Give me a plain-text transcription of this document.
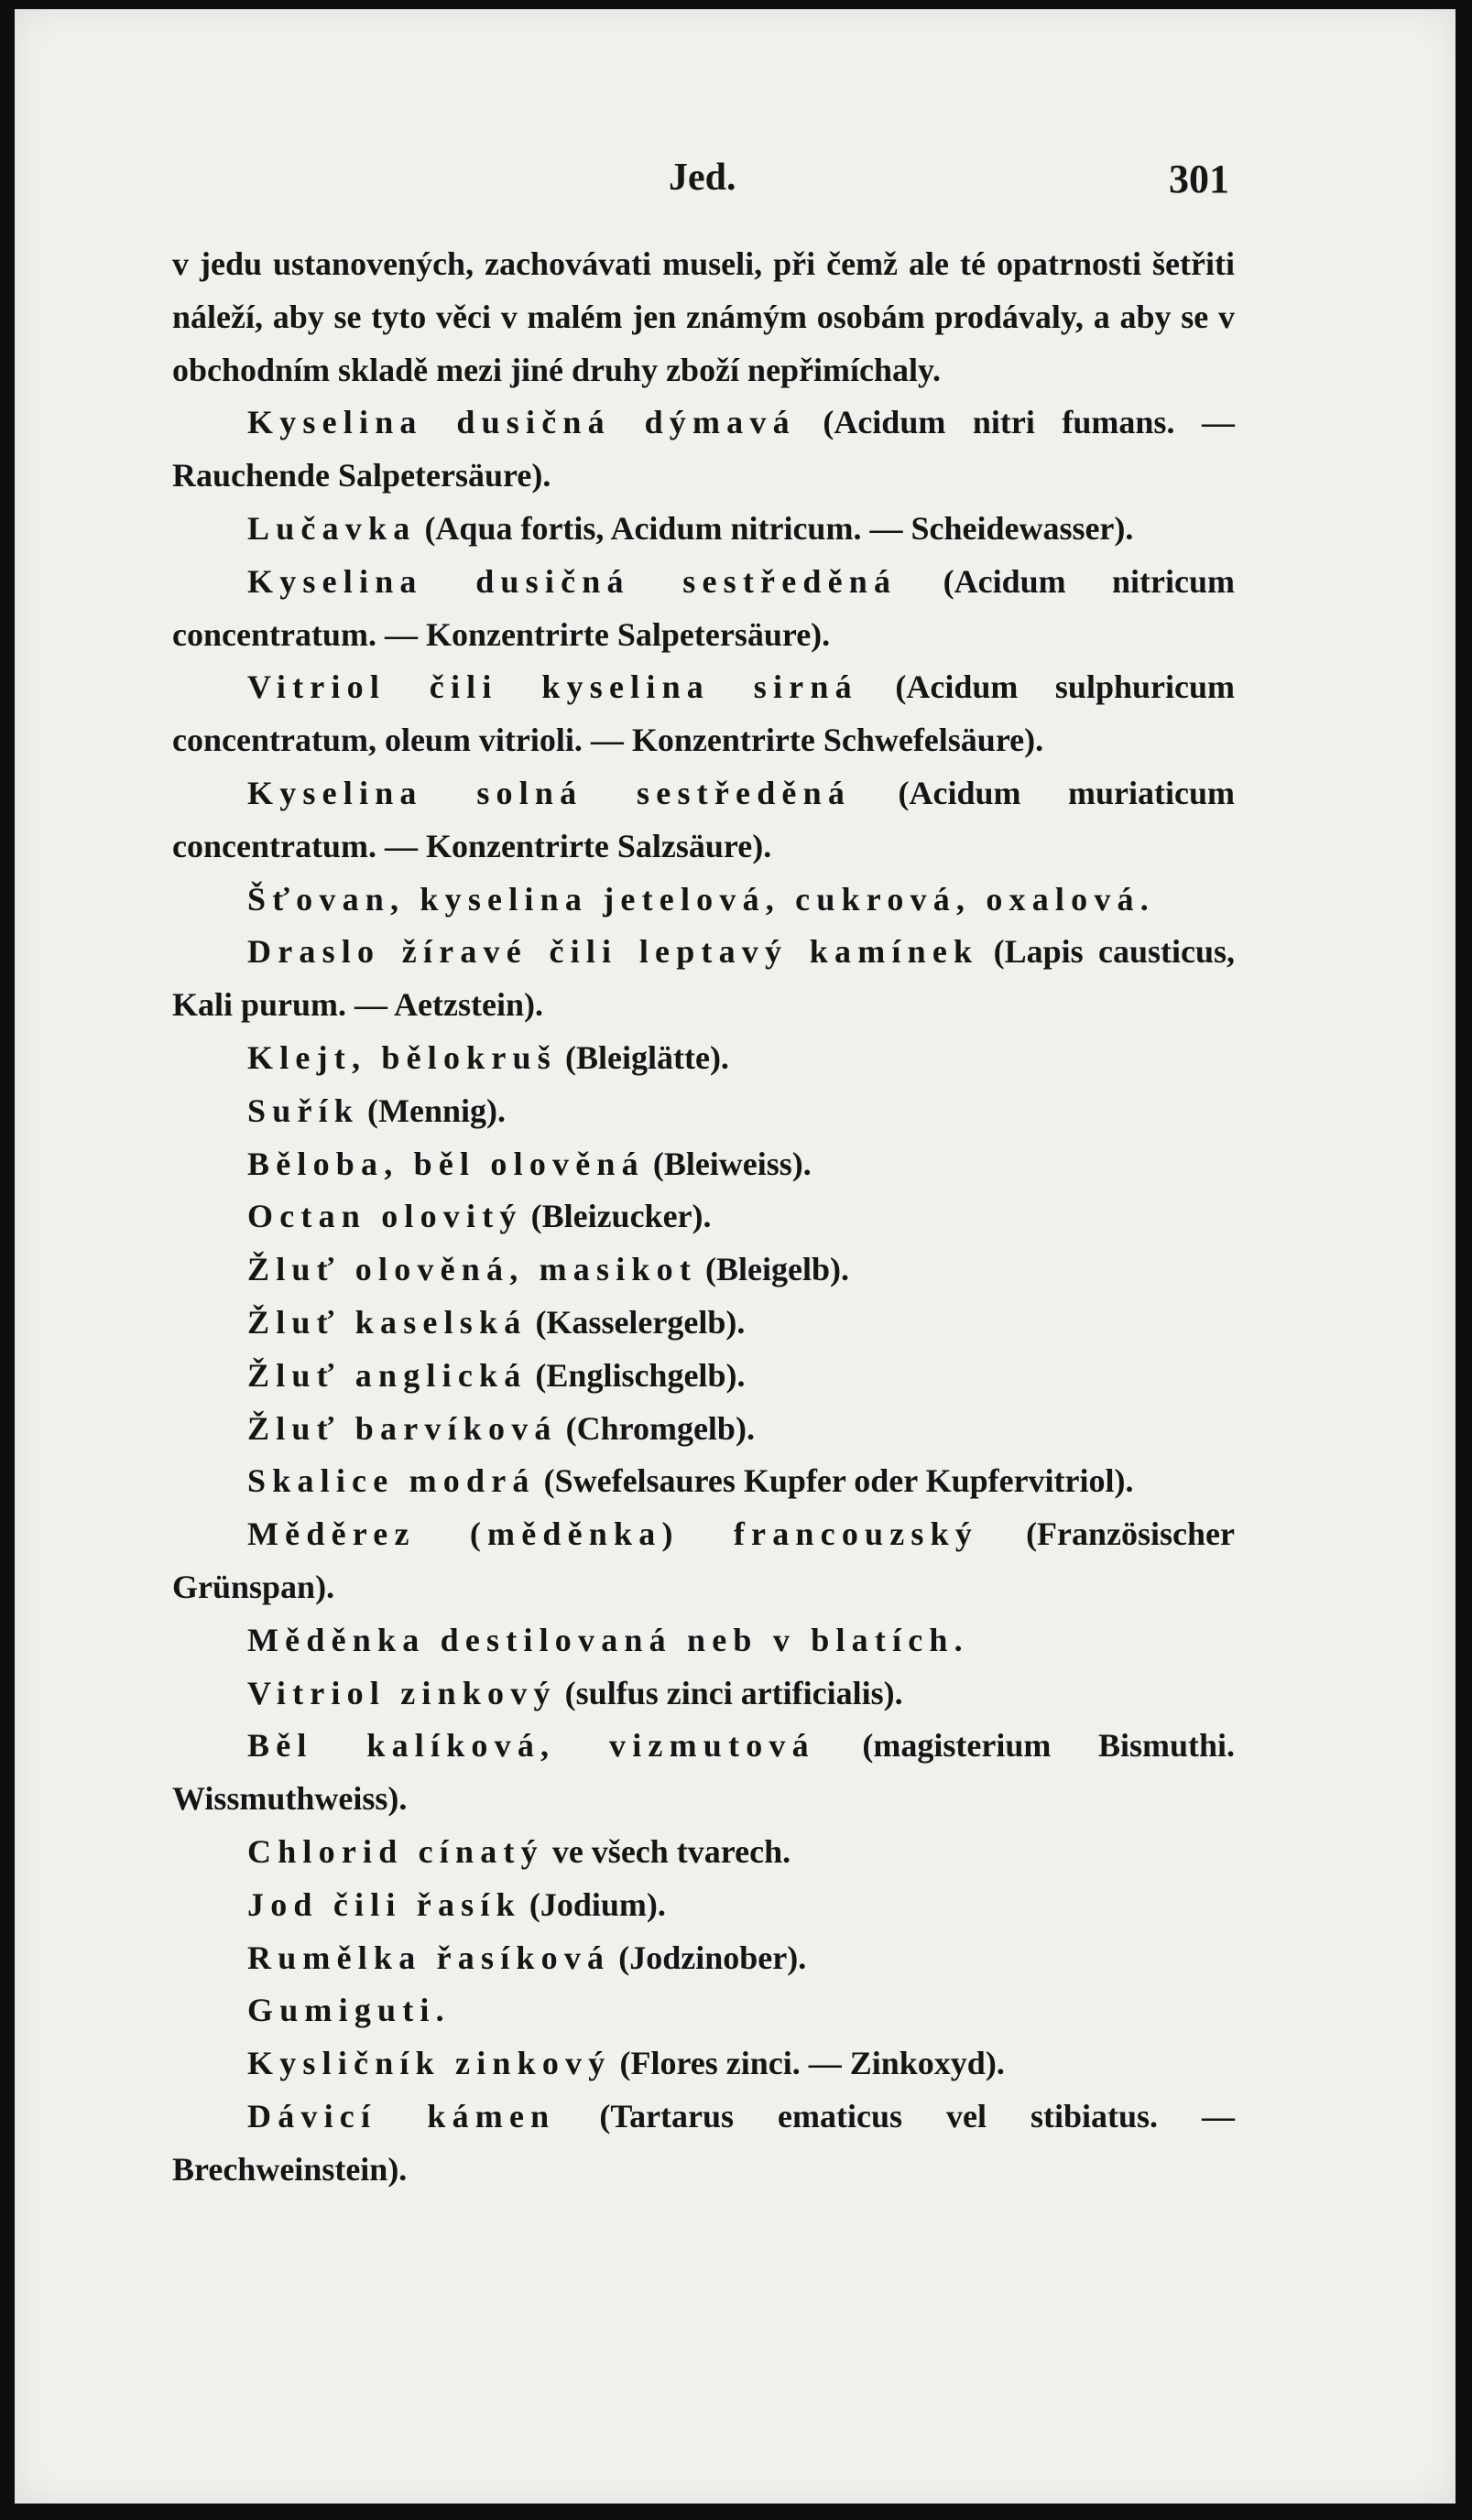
Jed.	301

v jedu ustanovených, zachovávati museli, při čemž ale té opatrnosti šetřiti náleží, aby se tyto věci v malém jen známým osobám prodávaly, a aby se v obchodním skladě mezi jiné druhy zboží nepřimíchaly.

Kyselina dusičná dýmavá (Acidum nitri fumans. — Rauchende Salpetersäure).

Lučavka (Aqua fortis, Acidum nitricum. — Scheidewasser).

Kyselina dusičná sestředěná (Acidum nitricum concentratum. — Konzentrirte Salpetersäure).

Vitriol čili kyselina sirná (Acidum sulphuricum concentratum, oleum vitrioli. — Konzentrirte Schwefelsäure).

Kyselina solná sestředěná (Acidum muriaticum concentratum. — Konzentrirte Salzsäure).

Šťovan, kyselina jetelová, cukrová, oxalová.

Draslo žíravé čili leptavý kamínek (Lapis causticus, Kali purum. — Aetzstein).

Klejt, bělokruš (Bleiglätte).

Suřík (Mennig).

Běloba, běl olověná (Bleiweiss).

Octan olovitý (Bleizucker).

Žluť olověná, masikot (Bleigelb).

Žluť kaselská (Kasselergelb).

Žluť anglická (Englischgelb).

Žluť barvíková (Chromgelb).

Skalice modrá (Swefelsaures Kupfer oder Kupfervitriol).

Měděrez (měděnka) francouzský (Französischer Grünspan).

Měděnka destilovaná neb v blatích.

Vitriol zinkový (sulfus zinci artificialis).

Běl kalíková, vizmutová (magisterium Bismuthi. Wissmuthweiss).

Chlorid cínatý ve všech tvarech.

Jod čili řasík (Jodium).

Rumělka řasíková (Jodzinober).

Gumiguti.

Kysličník zinkový (Flores zinci. — Zinkoxyd).

Dávicí kámen (Tartarus ematicus vel stibiatus. — Brechweinstein).
